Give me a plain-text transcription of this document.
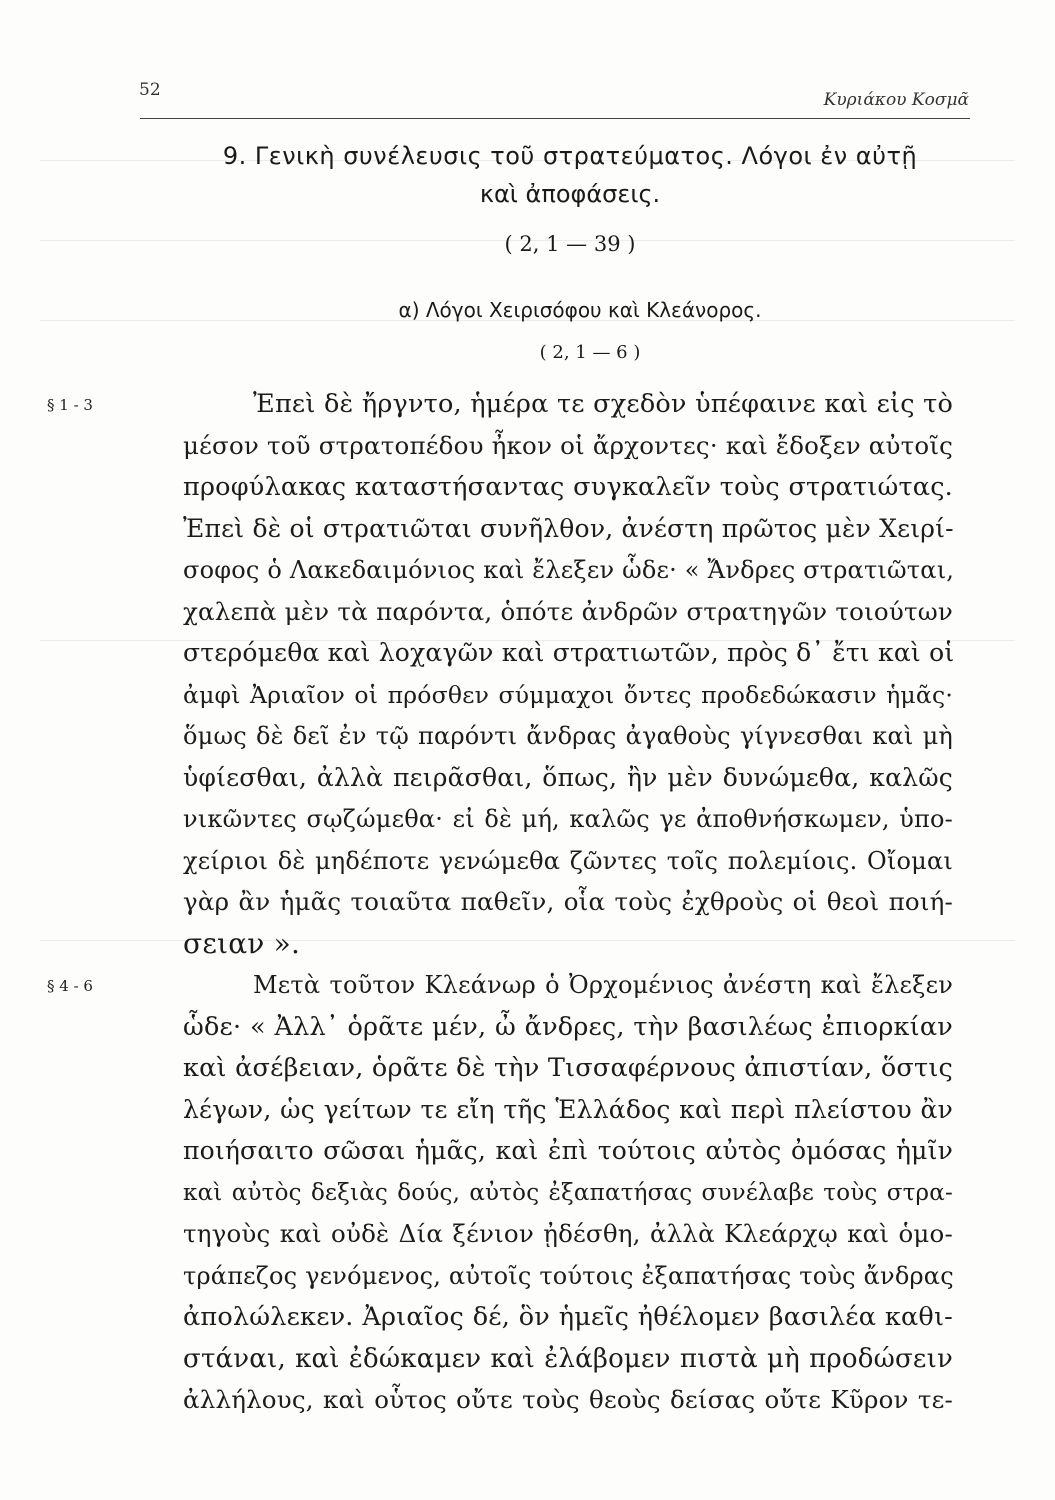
52	Κυριάκου Κοσμᾶ
9. Γενικὴ συνέλευσις τοῦ στρατεύματος. Λόγοι ἐν αὐτῇ
καὶ ἀποφάσεις.
( 2, 1 — 39 )
α) Λόγοι Χειρισόφου καὶ Κλεάνορος.
( 2, 1 — 6 )
§ 1 - 3	Ἐπεὶ δὲ ἤργντο, ἡμέρα τε σχεδὸν ὑπέφαινε καὶ εἰς τὸ
μέσον τοῦ στρατοπέδου ἦκον οἱ ἄρχοντες· καὶ ἔδοξεν αὐτοῖς
προφύλακας καταστήσαντας συγκαλεῖν τοὺς στρατιώτας.
Ἐπεὶ δὲ οἱ στρατιῶται συνῆλθον, ἀνέστη πρῶτος μὲν Χειρί-
σοφος ὁ Λακεδαιμόνιος καὶ ἔλεξεν ὧδε· « Ἄνδρες στρατιῶται,
χαλεπὰ μὲν τὰ παρόντα, ὁπότε ἀνδρῶν στρατηγῶν τοιούτων
στερόμεθα καὶ λοχαγῶν καὶ στρατιωτῶν, πρὸς δ᾽ ἔτι καὶ οἱ
ἀμφὶ Ἀριαῖον οἱ πρόσθεν σύμμαχοι ὄντες προδεδώκασιν ἡμᾶς·
ὅμως δὲ δεῖ ἐν τῷ παρόντι ἄνδρας ἀγαθοὺς γίγνεσθαι καὶ μὴ
ὑφίεσθαι, ἀλλὰ πειρᾶσθαι, ὅπως, ἢν μὲν δυνώμεθα, καλῶς
νικῶντες σῳζώμεθα· εἰ δὲ μή, καλῶς γε ἀποθνήσκωμεν, ὑπο-
χείριοι δὲ μηδέποτε γενώμεθα ζῶντες τοῖς πολεμίοις. Οἴομαι
γὰρ ἂν ἡμᾶς τοιαῦτα παθεῖν, οἷα τοὺς ἐχθροὺς οἱ θεοὶ ποιή-
σειαν ».
§ 4 - 6	Μετὰ τοῦτον Κλεάνωρ ὁ Ὀρχομένιος ἀνέστη καὶ ἔλεξεν
ὧδε· « Ἀλλ᾽ ὁρᾶτε μέν, ὦ ἄνδρες, τὴν βασιλέως ἐπιορκίαν
καὶ ἀσέβειαν, ὁρᾶτε δὲ τὴν Τισσαφέρνους ἀπιστίαν, ὅστις
λέγων, ὡς γείτων τε εἴη τῆς Ἑλλάδος καὶ περὶ πλείστου ἂν
ποιήσαιτο σῶσαι ἡμᾶς, καὶ ἐπὶ τούτοις αὐτὸς ὀμόσας ἡμῖν
καὶ αὐτὸς δεξιὰς δούς, αὐτὸς ἐξαπατήσας συνέλαβε τοὺς στρα-
τηγοὺς καὶ οὐδὲ Δία ξένιον ᾐδέσθη, ἀλλὰ Κλεάρχῳ καὶ ὁμο-
τράπεζος γενόμενος, αὐτοῖς τούτοις ἐξαπατήσας τοὺς ἄνδρας
ἀπολώλεκεν. Ἀριαῖος δέ, ὃν ἡμεῖς ἠθέλομεν βασιλέα καθι-
στάναι, καὶ ἐδώκαμεν καὶ ἐλάβομεν πιστὰ μὴ προδώσειν
ἀλλήλους, καὶ οὗτος οὔτε τοὺς θεοὺς δείσας οὔτε Κῦρον τε-
